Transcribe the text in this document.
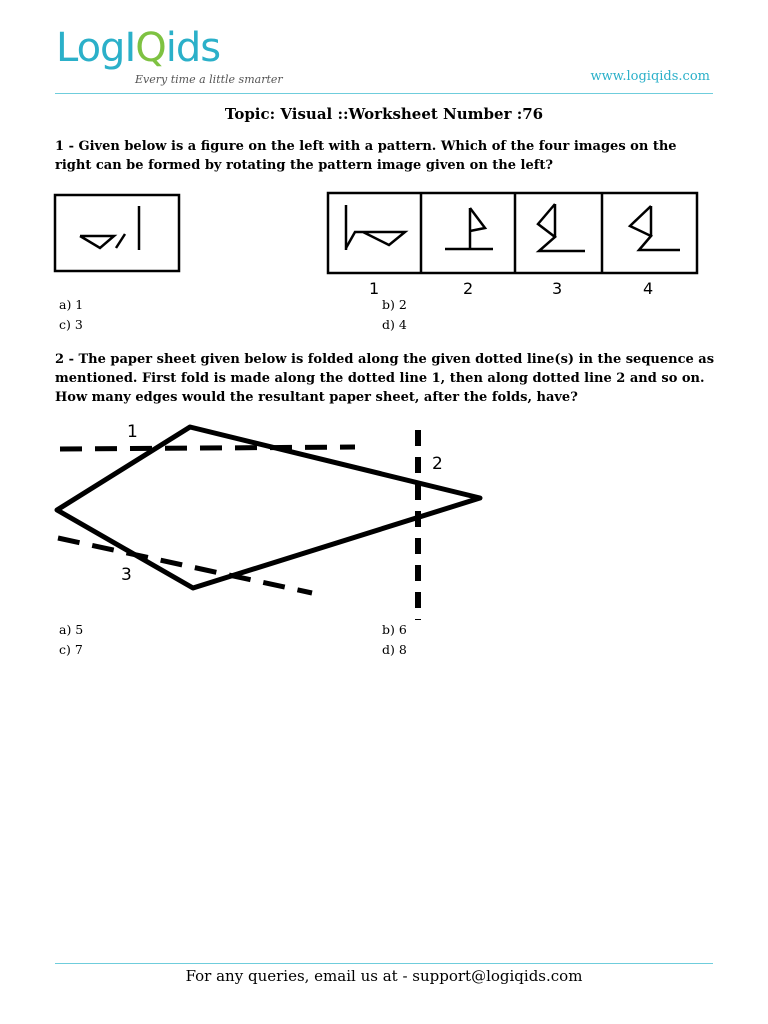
LogIQids
Every time a little smarter	www.logiqids.com
Topic: Visual ::Worksheet Number :76
1 - Given below is a figure on the left with a pattern. Which of the four images on the right can be formed by rotating the pattern image given on the left?
1	2	3	4
a) 1	b) 2
c) 3	d) 4
2 - The paper sheet given below is folded along the given dotted line(s) in the sequence as mentioned. First fold is made along the dotted line 1, then along dotted line 2 and so on. How many edges would the resultant paper sheet, after the folds, have?
1
2
3
a) 5	b) 6
c) 7	d) 8
For any queries, email us at - support@logiqids.com
